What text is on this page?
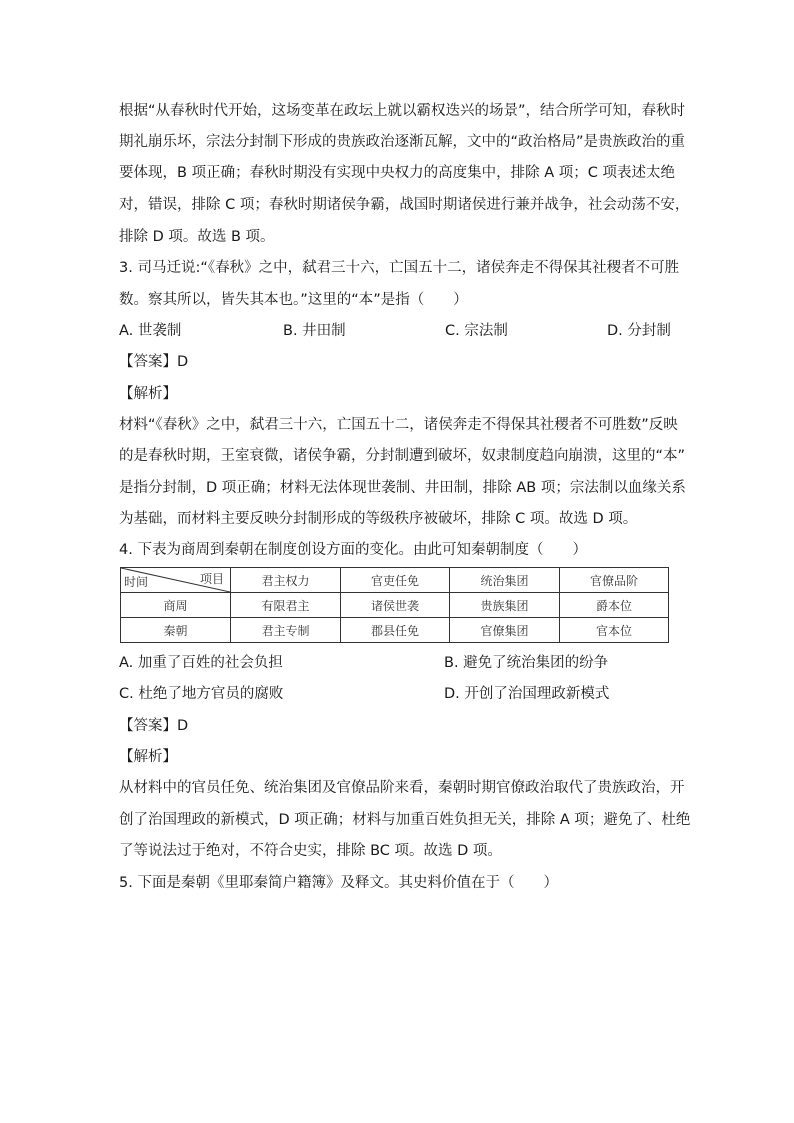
根据“从春秋时代开始，这场变革在政坛上就以霸权迭兴的场景”，结合所学可知，春秋时
期礼崩乐坏，宗法分封制下形成的贵族政治逐渐瓦解，文中的“政治格局”是贵族政治的重
要体现，B 项正确；春秋时期没有实现中央权力的高度集中，排除 A 项；C 项表述太绝
对，错误，排除 C 项；春秋时期诸侯争霸，战国时期诸侯进行兼并战争，社会动荡不安，
排除 D 项。故选 B 项。
3. 司马迁说:“《春秋》之中，弑君三十六，亡国五十二，诸侯奔走不得保其社稷者不可胜
数。察其所以，皆失其本也。”这里的“本”是指（　　）
A. 世袭制	B. 井田制	C. 宗法制	D. 分封制
【答案】D
【解析】
材料“《春秋》之中，弑君三十六，亡国五十二，诸侯奔走不得保其社稷者不可胜数”反映
的是春秋时期，王室衰微，诸侯争霸，分封制遭到破坏，奴隶制度趋向崩溃，这里的“本”
是指分封制，D 项正确；材料无法体现世袭制、井田制，排除 AB 项；宗法制以血缘关系
为基础，而材料主要反映分封制形成的等级秩序被破坏，排除 C 项。故选 D 项。
4. 下表为商周到秦朝在制度创设方面的变化。由此可知秦朝制度（　　）
时间 项目	君主权力	官吏任免	统治集团	官僚品阶
商周	有限君主	诸侯世袭	贵族集团	爵本位
秦朝	君主专制	郡县任免	官僚集团	官本位
A. 加重了百姓的社会负担	B. 避免了统治集团的纷争
C. 杜绝了地方官员的腐败	D. 开创了治国理政新模式
【答案】D
【解析】
从材料中的官员任免、统治集团及官僚品阶来看，秦朝时期官僚政治取代了贵族政治，开
创了治国理政的新模式，D 项正确；材料与加重百姓负担无关，排除 A 项；避免了、杜绝
了等说法过于绝对，不符合史实，排除 BC 项。故选 D 项。
5. 下面是秦朝《里耶秦简户籍簿》及释文。其史料价值在于（　　）
